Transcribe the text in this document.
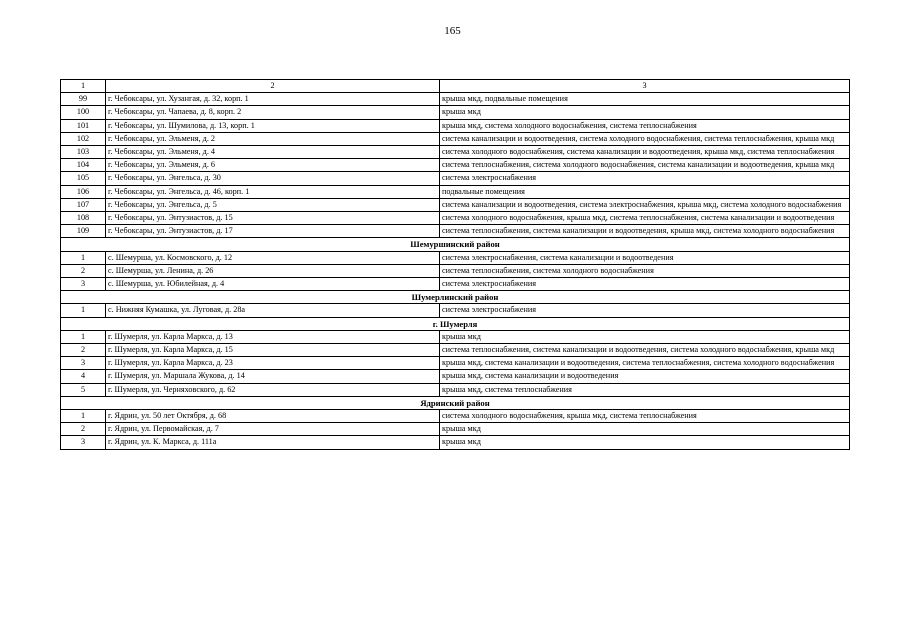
165
1	2	3
99	г. Чебоксары, ул. Хузангая, д. 32, корп. 1	крыша мкд, подвальные помещения
100	г. Чебоксары, ул. Чапаева, д. 8, корп. 2	крыша мкд
101	г. Чебоксары, ул. Шумилова, д. 13, корп. 1	крыша мкд, система холодного водоснабжения, система теплоснабжения
102	г. Чебоксары, ул. Эльменя, д. 2	система канализации и водоотведения, система холодного водоснабжения, система теплоснабжения, крыша мкд
103	г. Чебоксары, ул. Эльменя, д. 4	система холодного водоснабжения, система канализации и водоотведения, крыша мкд, система теплоснабжения
104	г. Чебоксары, ул. Эльменя, д. 6	система теплоснабжения, система холодного водоснабжения, система канализации и водоотведения, крыша мкд
105	г. Чебоксары, ул. Энгельса, д. 30	система электроснабжения
106	г. Чебоксары, ул. Энгельса, д. 46, корп. 1	подвальные помещения
107	г. Чебоксары, ул. Энгельса, д. 5	система канализации и водоотведения, система электроснабжения, крыша мкд, система холодного водоснабжения
108	г. Чебоксары, ул. Энтузиастов, д. 15	система холодного водоснабжения, крыша мкд, система теплоснабжения, система канализации и водоотведения
109	г. Чебоксары, ул. Энтузиастов, д. 17	система теплоснабжения, система канализации и водоотведения, крыша мкд, система холодного водоснабжения
Шемуршинский район		
1	с. Шемурша, ул. Космовского, д. 12	система электроснабжения, система канализации и водоотведения
2	с. Шемурша, ул. Ленина, д. 26	система теплоснабжения, система холодного водоснабжения
3	с. Шемурша, ул. Юбилейная, д. 4	система электроснабжения
Шумерлинский район		
1	с. Нижняя Кумашка, ул. Луговая, д. 28а	система электроснабжения
г. Шумерля		
1	г. Шумерля, ул. Карла Маркса, д. 13	крыша мкд
2	г. Шумерля, ул. Карла Маркса, д. 15	система теплоснабжения, система канализации и водоотведения, система холодного водоснабжения, крыша мкд
3	г. Шумерля, ул. Карла Маркса, д. 23	крыша мкд, система канализации и водоотведения, система теплоснабжения, система холодного водоснабжения
4	г. Шумерля, ул. Маршала Жукова, д. 14	крыша мкд, система канализации и водоотведения
5	г. Шумерля, ул. Черняховского, д. 62	крыша мкд, система теплоснабжения
Ядринский район		
1	г. Ядрин, ул. 50 лет Октября, д. 68	система холодного водоснабжения, крыша мкд, система теплоснабжения
2	г. Ядрин, ул. Первомайская, д. 7	крыша мкд
3	г. Ядрин, ул. К. Маркса, д. 111а	крыша мкд
